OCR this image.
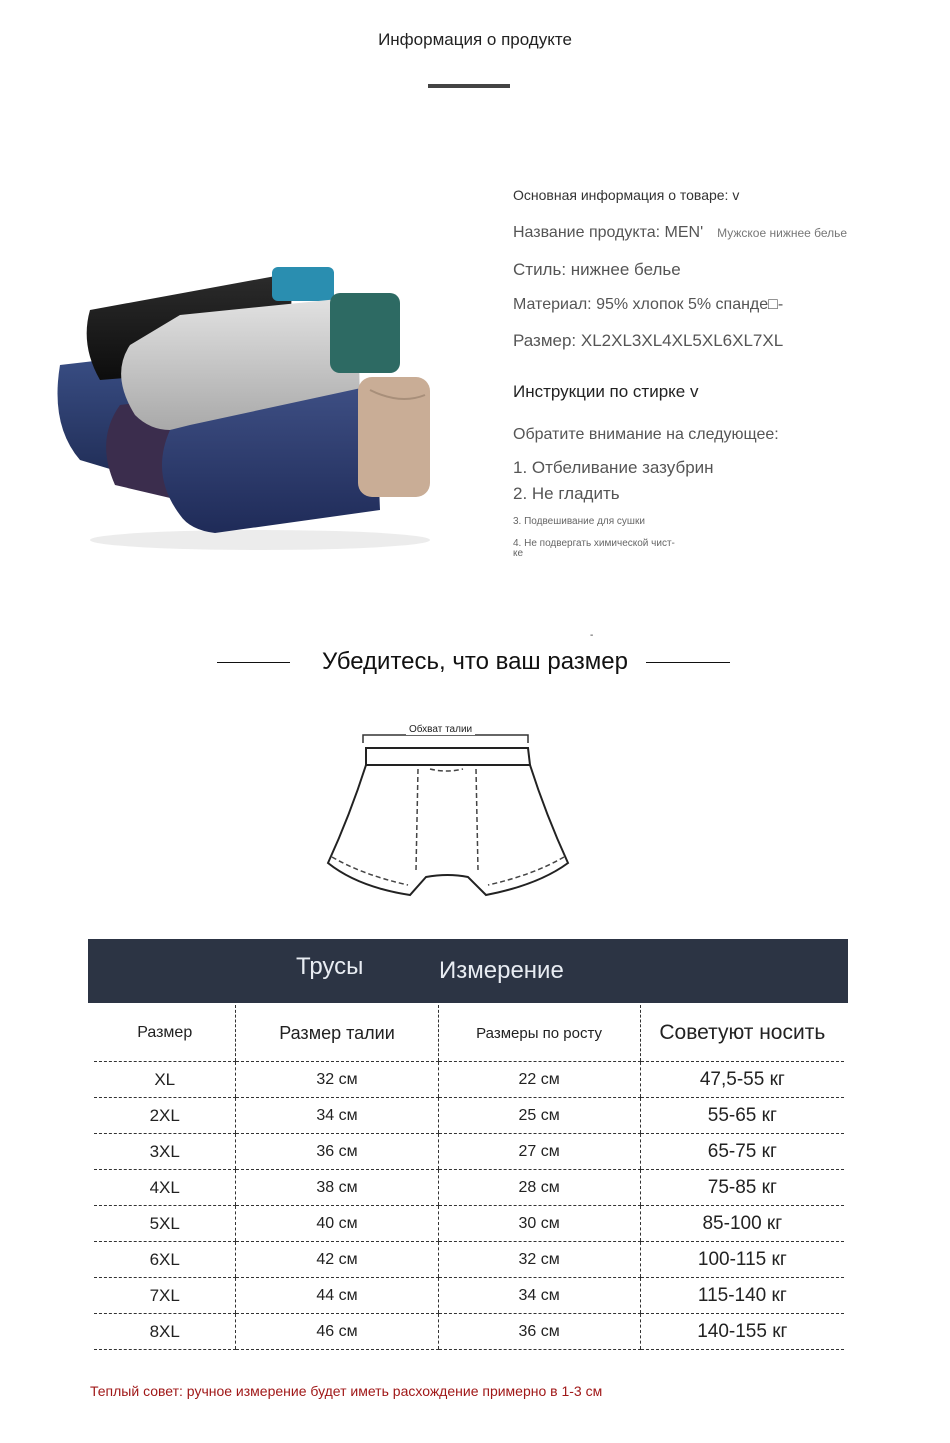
Информация о продукте
Основная информация о товаре: v
Название продукта: MEN' Мужское нижнее белье
Стиль: нижнее белье
Материал: 95% хлопок 5% спанде□-
Размер: XL2XL3XL4XL5XL6XL7XL
Инструкции по стирке v
Обратите внимание на следующее:
1. Отбеливание зазубрин
2. Не гладить
3. Подвешивание для сушки
4. Не подвергать химической чист-
ке
-
Убедитесь, что ваш размер
Обхват талии
Трусы	Измерение
Размер	Размер талии	Размеры по росту	Советуют носить
XL	32 см	22 см	47,5-55 кг
2XL	34 см	25 см	55-65 кг
3XL	36 см	27 см	65-75 кг
4XL	38 см	28 см	75-85 кг
5XL	40 см	30 см	85-100 кг
6XL	42 см	32 см	100-115 кг
7XL	44 см	34 см	115-140 кг
8XL	46 см	36 см	140-155 кг
Теплый совет: ручное измерение будет иметь расхождение примерно в 1-3 см
